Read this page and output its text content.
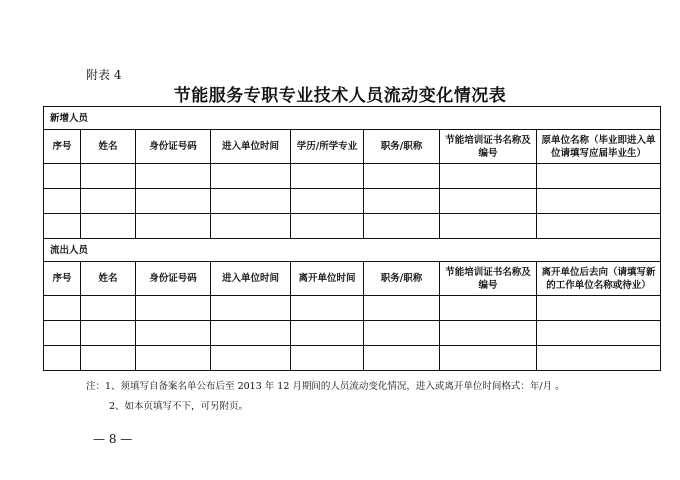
附表 4
节能服务专职专业技术人员流动变化情况表
新增人员							
序号	姓名	身份证号码	进入单位时间	学历/所学专业	职务/职称	节能培训证书名称及编号	原单位名称（毕业即进入单位请填写应届毕业生）

流出人员							
序号	姓名	身份证号码	进入单位时间	离开单位时间	职务/职称	节能培训证书名称及编号	离开单位后去向（请填写新的工作单位名称或待业）

注：1、须填写自备案名单公布后至 2013 年 12 月期间的人员流动变化情况，进入或离开单位时间格式：年/月 。
2、如本页填写不下，可另附页。
— 8 —
